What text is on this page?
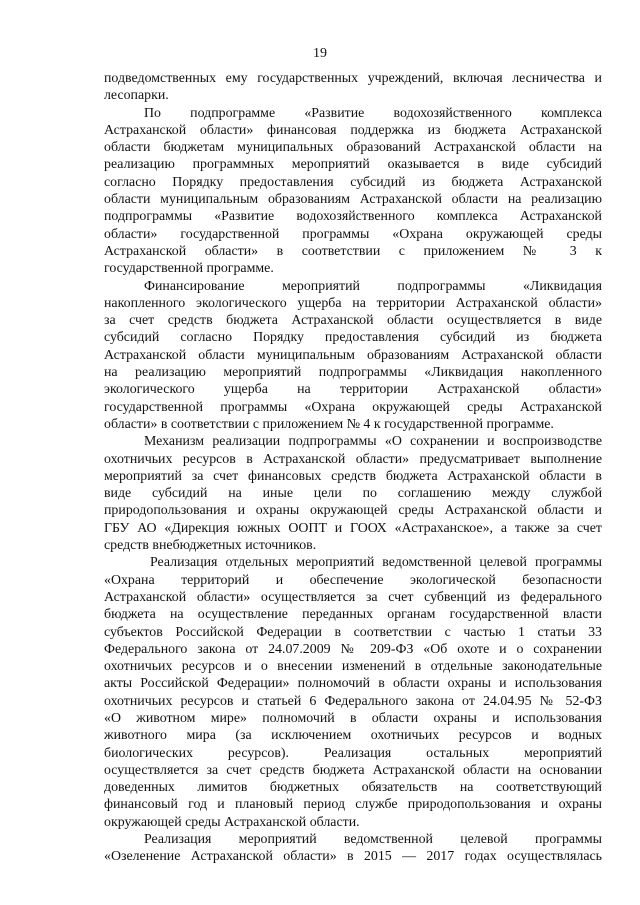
19
подведомственных ему государственных учреждений, включая лесничества и
лесопарки.
По подпрограмме «Развитие водохозяйственного комплекса
Астраханской области» финансовая поддержка из бюджета Астраханской
области бюджетам муниципальных образований Астраханской области на
реализацию программных мероприятий оказывается в виде субсидий
согласно Порядку предоставления субсидий из бюджета Астраханской
области муниципальным образованиям Астраханской области на реализацию
подпрограммы «Развитие водохозяйственного комплекса Астраханской
области» государственной программы «Охрана окружающей среды
Астраханской области» в соответствии с приложением № 3 к
государственной программе.
Финансирование мероприятий подпрограммы «Ликвидация
накопленного экологического ущерба на территории Астраханской области»
за счет средств бюджета Астраханской области осуществляется в виде
субсидий согласно Порядку предоставления субсидий из бюджета
Астраханской области муниципальным образованиям Астраханской области
на реализацию мероприятий подпрограммы «Ликвидация накопленного
экологического ущерба на территории Астраханской области»
государственной программы «Охрана окружающей среды Астраханской
области» в соответствии с приложением № 4 к государственной программе.
Механизм реализации подпрограммы «О сохранении и воспроизводстве
охотничьих ресурсов в Астраханской области» предусматривает выполнение
мероприятий за счет финансовых средств бюджета Астраханской области в
виде субсидий на иные цели по соглашению между службой
природопользования и охраны окружающей среды Астраханской области и
ГБУ АО «Дирекция южных ООПТ и ГООХ «Астраханское», а также за счет
средств внебюджетных источников.
Реализация отдельных мероприятий ведомственной целевой программы
«Охрана территорий и обеспечение экологической безопасности
Астраханской области» осуществляется за счет субвенций из федерального
бюджета на осуществление переданных органам государственной власти
субъектов Российской Федерации в соответствии с частью 1 статьи 33
Федерального закона от 24.07.2009 № 209-ФЗ «Об охоте и о сохранении
охотничьих ресурсов и о внесении изменений в отдельные законодательные
акты Российской Федерации» полномочий в области охраны и использования
охотничьих ресурсов и статьей 6 Федерального закона от 24.04.95 № 52-ФЗ
«О животном мире» полномочий в области охраны и использования
животного мира (за исключением охотничьих ресурсов и водных
биологических ресурсов). Реализация остальных мероприятий
осуществляется за счет средств бюджета Астраханской области на основании
доведенных лимитов бюджетных обязательств на соответствующий
финансовый год и плановый период службе природопользования и охраны
окружающей среды Астраханской области.
Реализация мероприятий ведомственной целевой программы
«Озеленение Астраханской области» в 2015 — 2017 годах осуществлялась
